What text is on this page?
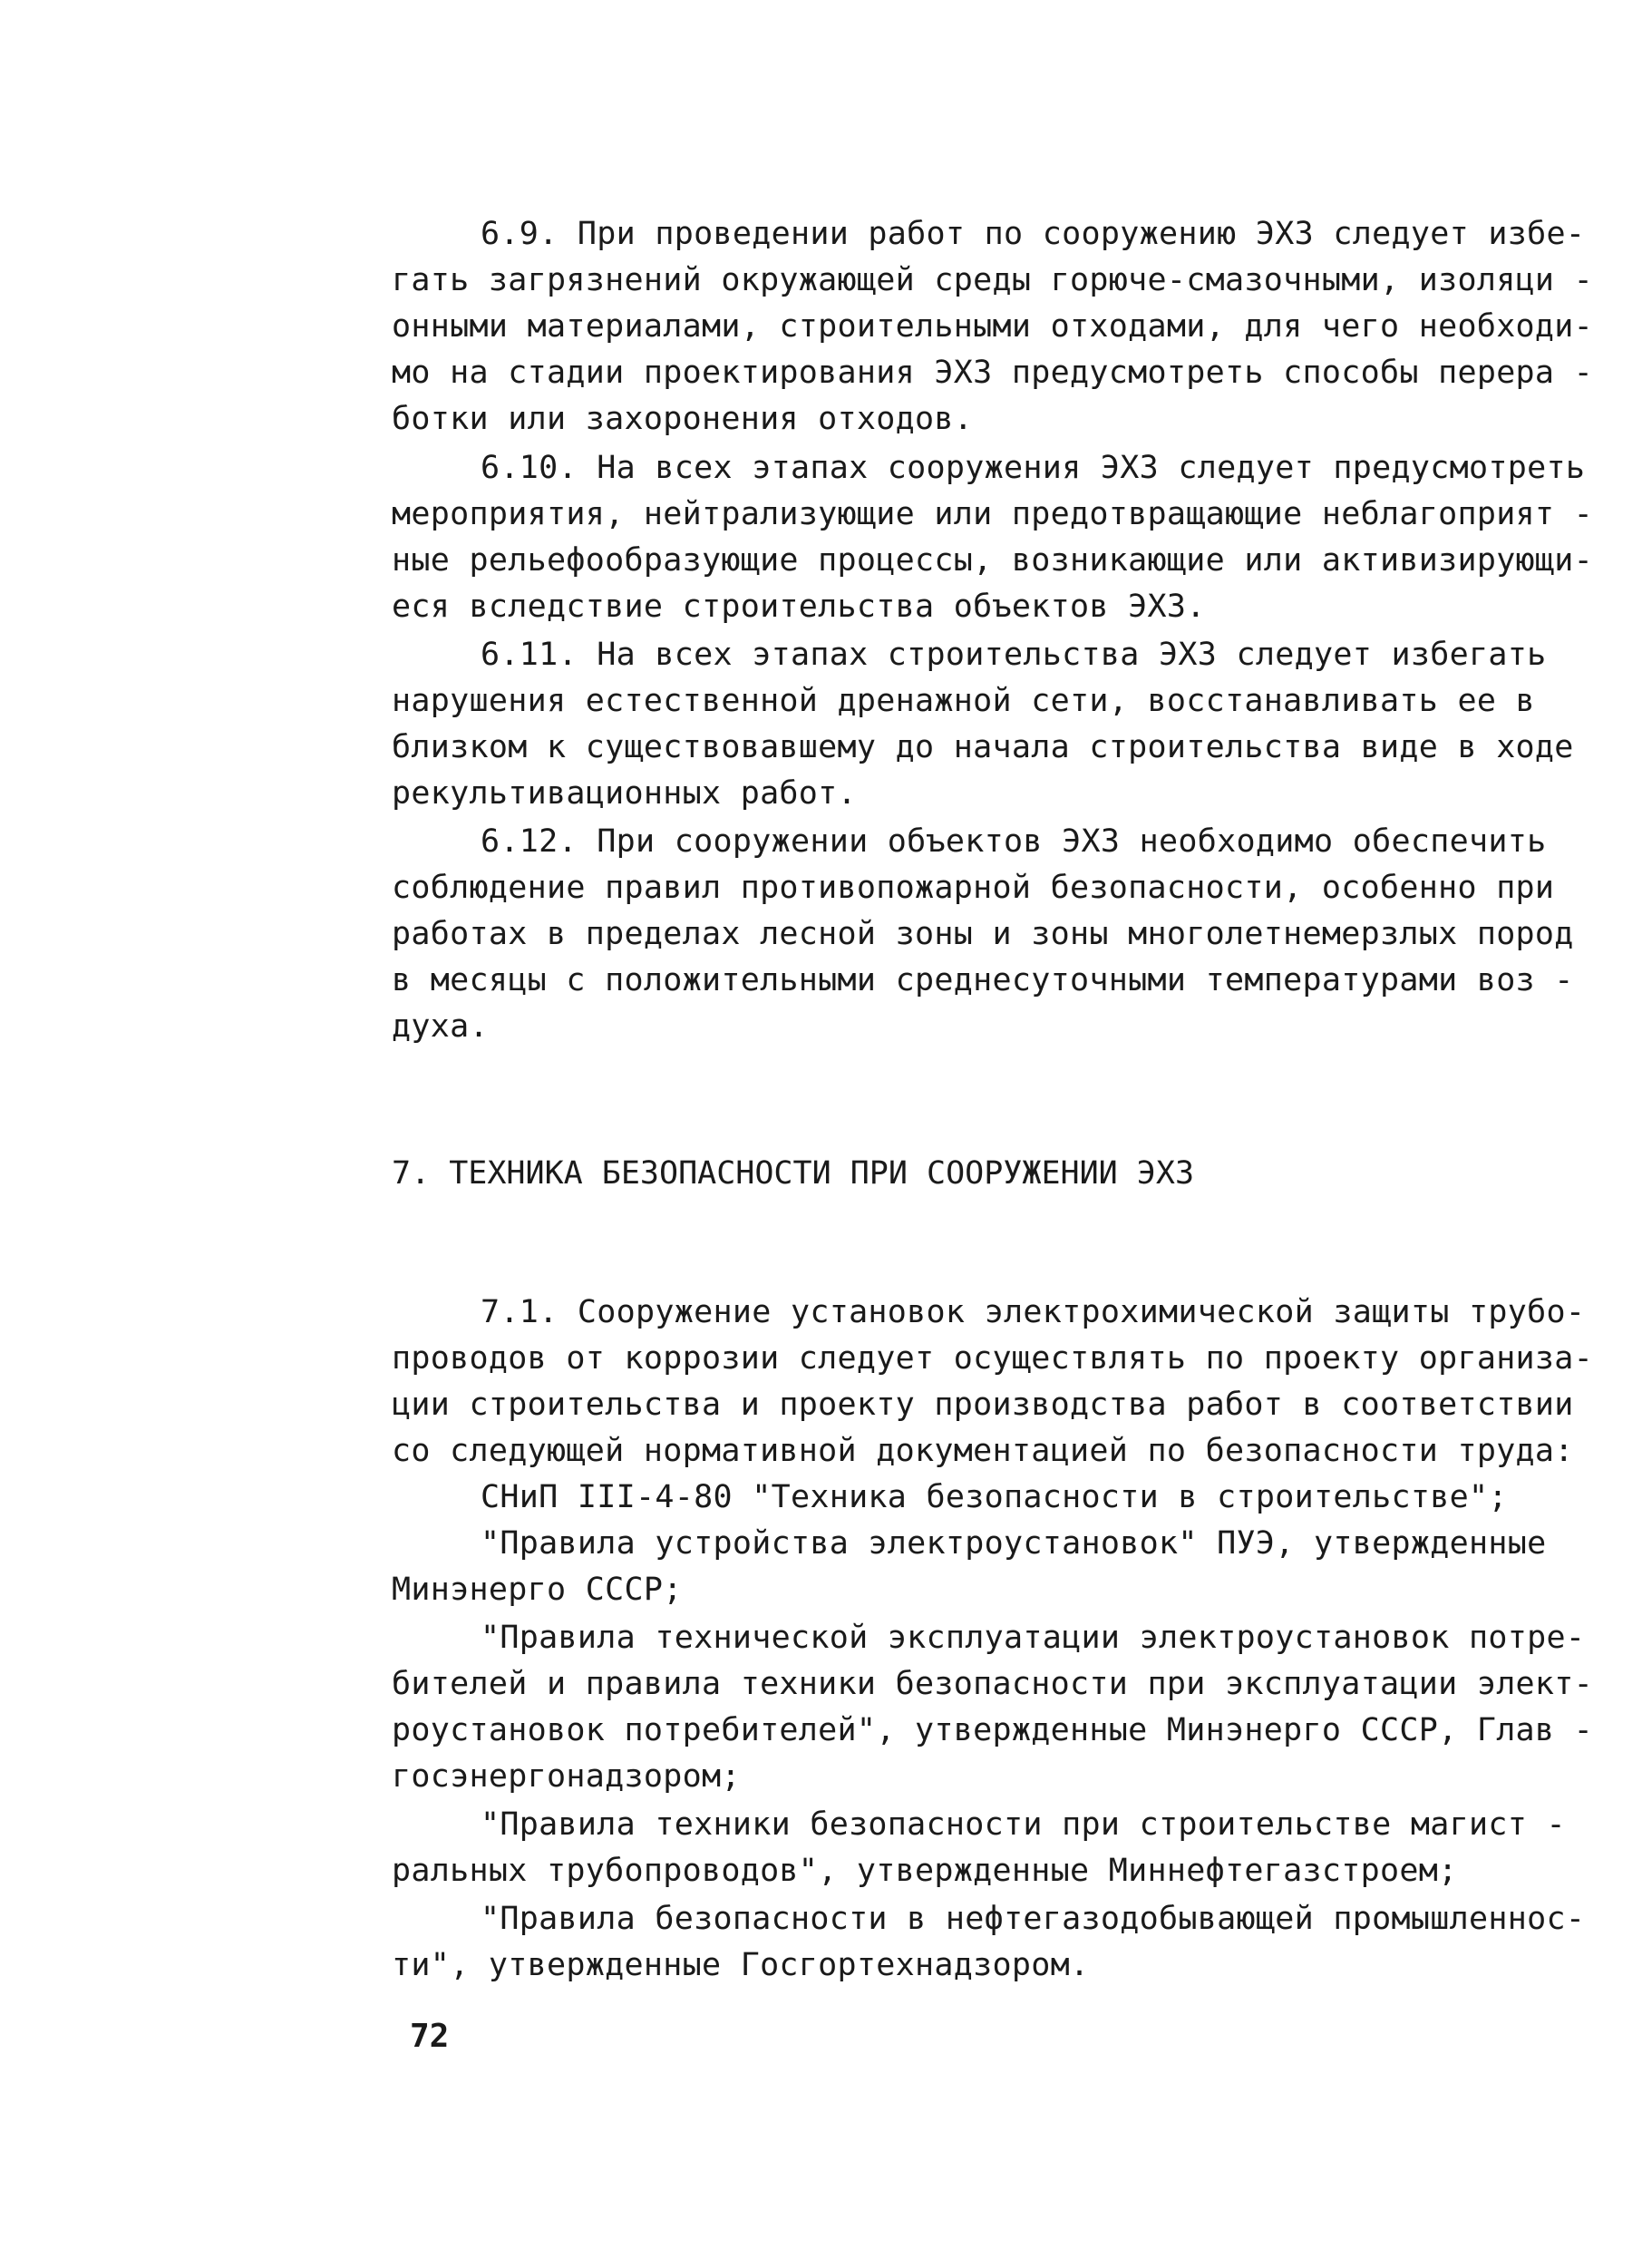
6.9. При проведении работ по сооружению ЭХЗ следует избе-
гать загрязнений окружающей среды горюче-смазочными, изоляци -
онными материалами, строительными отходами, для чего необходи-
мо на стадии проектирования ЭХЗ предусмотреть способы перера -
ботки или захоронения отходов.
6.10. На всех этапах сооружения ЭХЗ следует предусмотреть
мероприятия, нейтрализующие или предотвращающие неблагоприят -
ные рельефообразующие процессы, возникающие или активизирующи-
еся вследствие строительства объектов ЭХЗ.
6.11. На всех этапах строительства ЭХЗ следует избегать
нарушения естественной дренажной сети, восстанавливать ее в
близком к существовавшему до начала строительства виде в ходе
рекультивационных работ.
6.12. При сооружении объектов ЭХЗ необходимо обеспечить
соблюдение правил противопожарной безопасности, особенно при
работах в пределах лесной зоны и зоны многолетнемерзлых пород
в месяцы с положительными среднесуточными температурами воз -
духа.
7. ТЕХНИКА БЕЗОПАСНОСТИ ПРИ СООРУЖЕНИИ ЭХЗ
7.1. Сооружение установок электрохимической защиты трубо-
проводов от коррозии следует осуществлять по проекту организа-
ции строительства и проекту производства работ в соответствии
со следующей нормативной документацией по безопасности труда:
СНиП III-4-80 "Техника безопасности в строительстве";
"Правила устройства электроустановок" ПУЭ, утвержденные
Минэнерго СССР;
"Правила технической эксплуатации электроустановок потре-
бителей и правила техники безопасности при эксплуатации элект-
роустановок потребителей", утвержденные Минэнерго СССР, Глав -
госэнергонадзором;
"Правила техники безопасности при строительстве магист -
ральных трубопроводов", утвержденные Миннефтегазстроем;
"Правила безопасности в нефтегазодобывающей промышленнос-
ти", утвержденные Госгортехнадзором.
72
